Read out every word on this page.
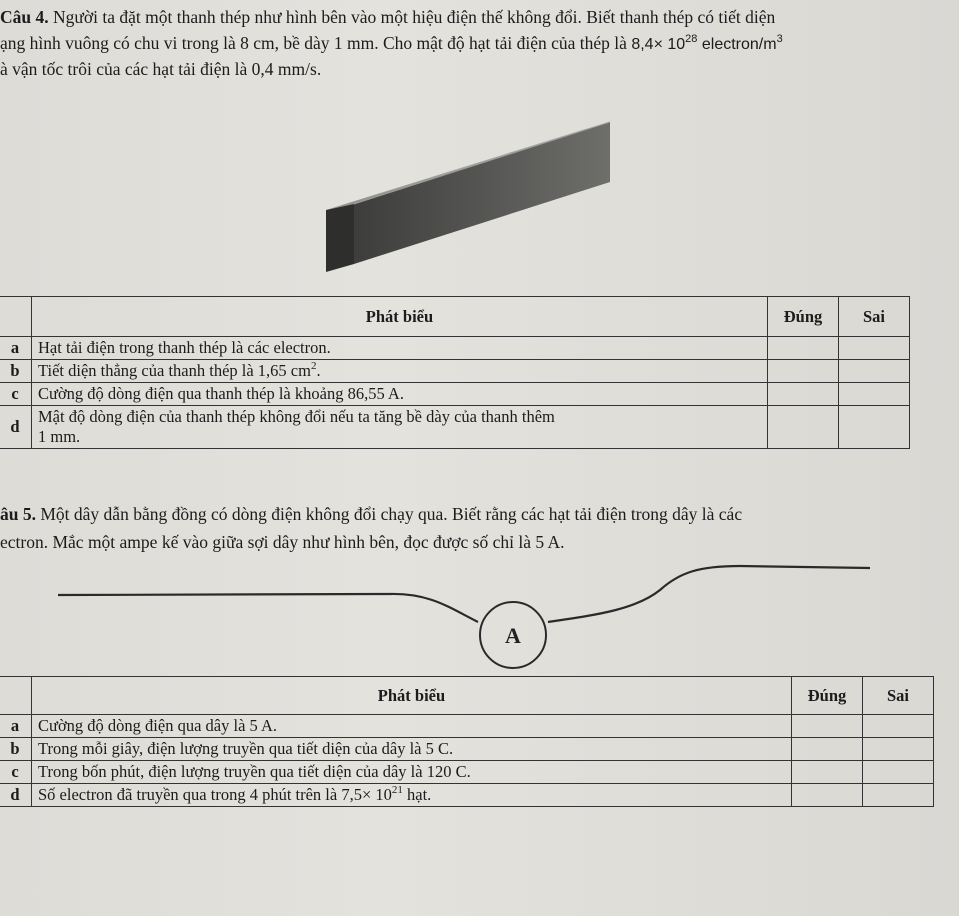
Câu 4. Người ta đặt một thanh thép như hình bên vào một hiệu điện thế không đổi. Biết thanh thép có tiết diện
ạng hình vuông có chu vi trong là 8 cm, bề dày 1 mm. Cho mật độ hạt tải điện của thép là $8,4\times 10^{28}$ electron/$m^3$
à vận tốc trôi của các hạt tải điện là 0,4 mm/s.
	Phát biểu	Đúng	Sai
a	Hạt tải điện trong thanh thép là các electron.		
b	Tiết diện thẳng của thanh thép là 1,65 $cm^2$.		
c	Cường độ dòng điện qua thanh thép là khoảng 86,55 A.		
d	Mật độ dòng điện của thanh thép không đổi nếu ta tăng bề dày của thanh thêm
1 mm.		

âu 5. Một dây dẫn bằng đồng có dòng điện không đổi chạy qua. Biết rằng các hạt tải điện trong dây là các
ectron. Mắc một ampe kế vào giữa sợi dây như hình bên, đọc được số chỉ là 5 A.
A
	Phát biểu	Đúng	Sai
a	Cường độ dòng điện qua dây là 5 A.		
b	Trong mỗi giây, điện lượng truyền qua tiết diện của dây là 5 C.		
c	Trong bốn phút, điện lượng truyền qua tiết diện của dây là 120 C.		
d	Số electron đã truyền qua trong 4 phút trên là $7,5\times 10^{21}$ hạt.		
